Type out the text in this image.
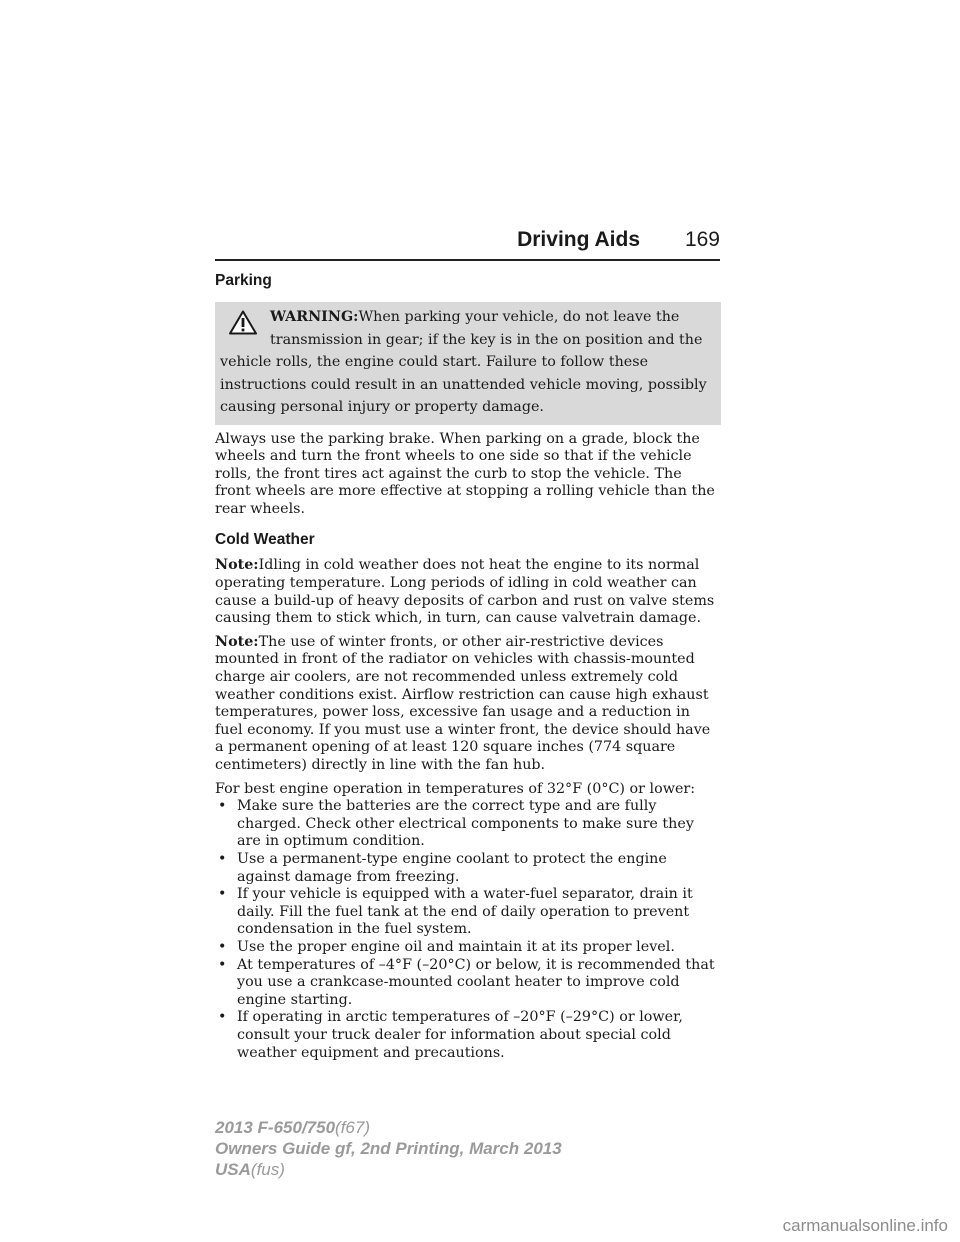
Driving Aids 169
Parking
WARNING:When parking your vehicle, do not leave the
transmission in gear; if the key is in the on position and the vehicle rolls, the engine could start. Failure to follow these instructions could result in an unattended vehicle moving, possibly causing personal injury or property damage.

Always use the parking brake. When parking on a grade, block the wheels and turn the front wheels to one side so that if the vehicle rolls, the front tires act against the curb to stop the vehicle. The front wheels are more effective at stopping a rolling vehicle than the rear wheels.

Cold Weather

Note:Idling in cold weather does not heat the engine to its normal operating temperature. Long periods of idling in cold weather can cause a build-up of heavy deposits of carbon and rust on valve stems causing them to stick which, in turn, can cause valvetrain damage.

Note:The use of winter fronts, or other air-restrictive devices mounted in front of the radiator on vehicles with chassis-mounted charge air coolers, are not recommended unless extremely cold weather conditions exist. Airflow restriction can cause high exhaust temperatures, power loss, excessive fan usage and a reduction in fuel economy. If you must use a winter front, the device should have a permanent opening of at least 120 square inches (774 square centimeters) directly in line with the fan hub.

For best engine operation in temperatures of 32°F (0°C) or lower:

• Make sure the batteries are the correct type and are fully charged. Check other electrical components to make sure they are in optimum condition.
• Use a permanent-type engine coolant to protect the engine against damage from freezing.
• If your vehicle is equipped with a water-fuel separator, drain it daily. Fill the fuel tank at the end of daily operation to prevent condensation in the fuel system.
• Use the proper engine oil and maintain it at its proper level.
• At temperatures of –4°F (–20°C) or below, it is recommended that you use a crankcase-mounted coolant heater to improve cold engine starting.
• If operating in arctic temperatures of –20°F (–29°C) or lower, consult your truck dealer for information about special cold weather equipment and precautions.
2013 F-650/750(f67)
Owners Guide gf, 2nd Printing, March 2013
USA(fus)
carmanualsonline.info
